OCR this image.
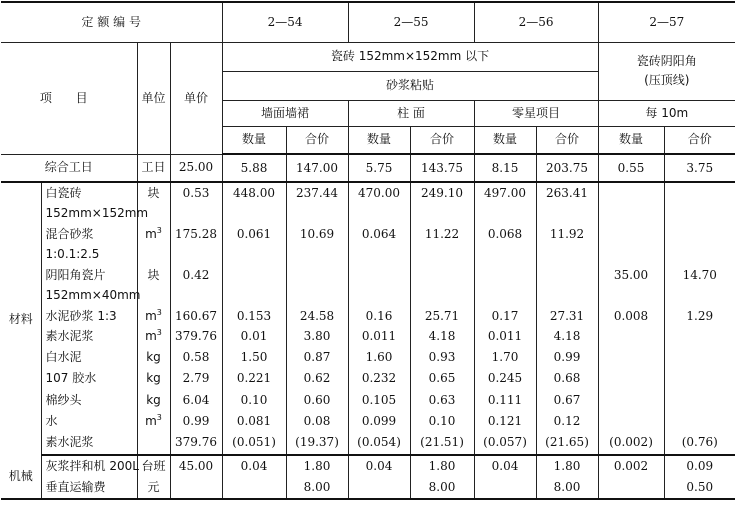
定 额 编 号				2—54		2—55		2—56		2—57	
项 目		单位	单价	瓷砖 152mm×152mm 以下						瓷砖阴阳角
(压顶线)	

				砂浆粘贴							
				墙面墙裙		柱 面		零星项目		每 10m	
				数量	合价	数量	合价	数量	合价	数量	合价
综合工日		工日	25.00	5.88	147.00	5.75	143.75	8.15	203.75	0.55	3.75
材料	白瓷砖	块	0.53	448.00	237.44	470.00	249.10	497.00	263.41		
	152mm×152mm										
	混合砂浆	$m^3$	175.28	0.061	10.69	0.064	11.22	0.068	11.92		
	1:0.1:2.5										
	阴阳角瓷片	块	0.42							35.00	14.70
	152mm×40mm										
	水泥砂浆 1:3	$m^3$	160.67	0.153	24.58	0.16	25.71	0.17	27.31	0.008	1.29
	素水泥浆	$m^3$	379.76	0.01	3.80	0.011	4.18	0.011	4.18		
	白水泥	kg	0.58	1.50	0.87	1.60	0.93	1.70	0.99		
	107 胶水	kg	2.79	0.221	0.62	0.232	0.65	0.245	0.68		
	棉纱头	kg	6.04	0.10	0.60	0.105	0.63	0.111	0.67		
	水	$m^3$	0.99	0.081	0.08	0.099	0.10	0.121	0.12		
	素水泥浆		379.76	(0.051)	(19.37)	(0.054)	(21.51)	(0.057)	(21.65)	(0.002)	(0.76)
机械	灰浆拌和机 200L	台班	45.00	0.04	1.80	0.04	1.80	0.04	1.80	0.002	0.09
	垂直运输费	元			8.00		8.00		8.00		0.50
